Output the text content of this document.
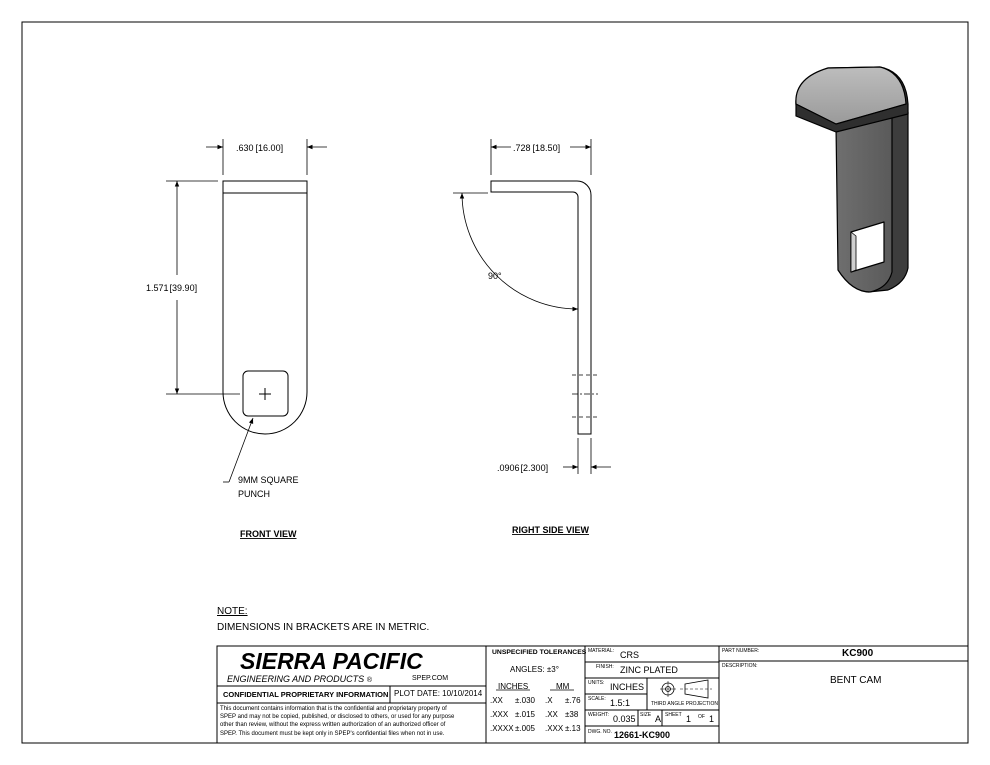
.630 [16.00]
1.571[39.90]
9MM SQUARE
PUNCH
FRONT VIEW
.728 [18.50]
90°
.0906[2.300]
RIGHT SIDE VIEW
NOTE:
DIMENSIONS IN BRACKETS ARE IN METRIC.
SIERRA PACIFIC
ENGINEERING AND PRODUCTS ®	SPEP.COM
CONFIDENTIAL PROPRIETARY INFORMATION PLOT DATE: 10/10/2014
This document contains information that is the confidential and proprietary property of
SPEP and may not be copied, published, or disclosed to others, or used for any purpose
other than review, without the express written authorization of an authorized officer of
SPEP. This document must be kept only in SPEP's confidential files when not in use.
UNSPECIFIED TOLERANCES
ANGLES: ±3°
INCHES	MM
.XX ±.030 .X ±.76
.XXX ±.015 .XX ±38
.XXXX ±.005 .XXX ±.13
MATERIAL: CRS
FINISH: ZINC PLATED
UNITS: INCHES
SCALE: 1.5:1	THIRD ANGLE PROJECTION
WEIGHT: 0.035 SIZE A SHEET 1 OF 1
DWG. NO. 12661-KC900
PART NUMBER:	KC900
DESCRIPTION:
BENT CAM
